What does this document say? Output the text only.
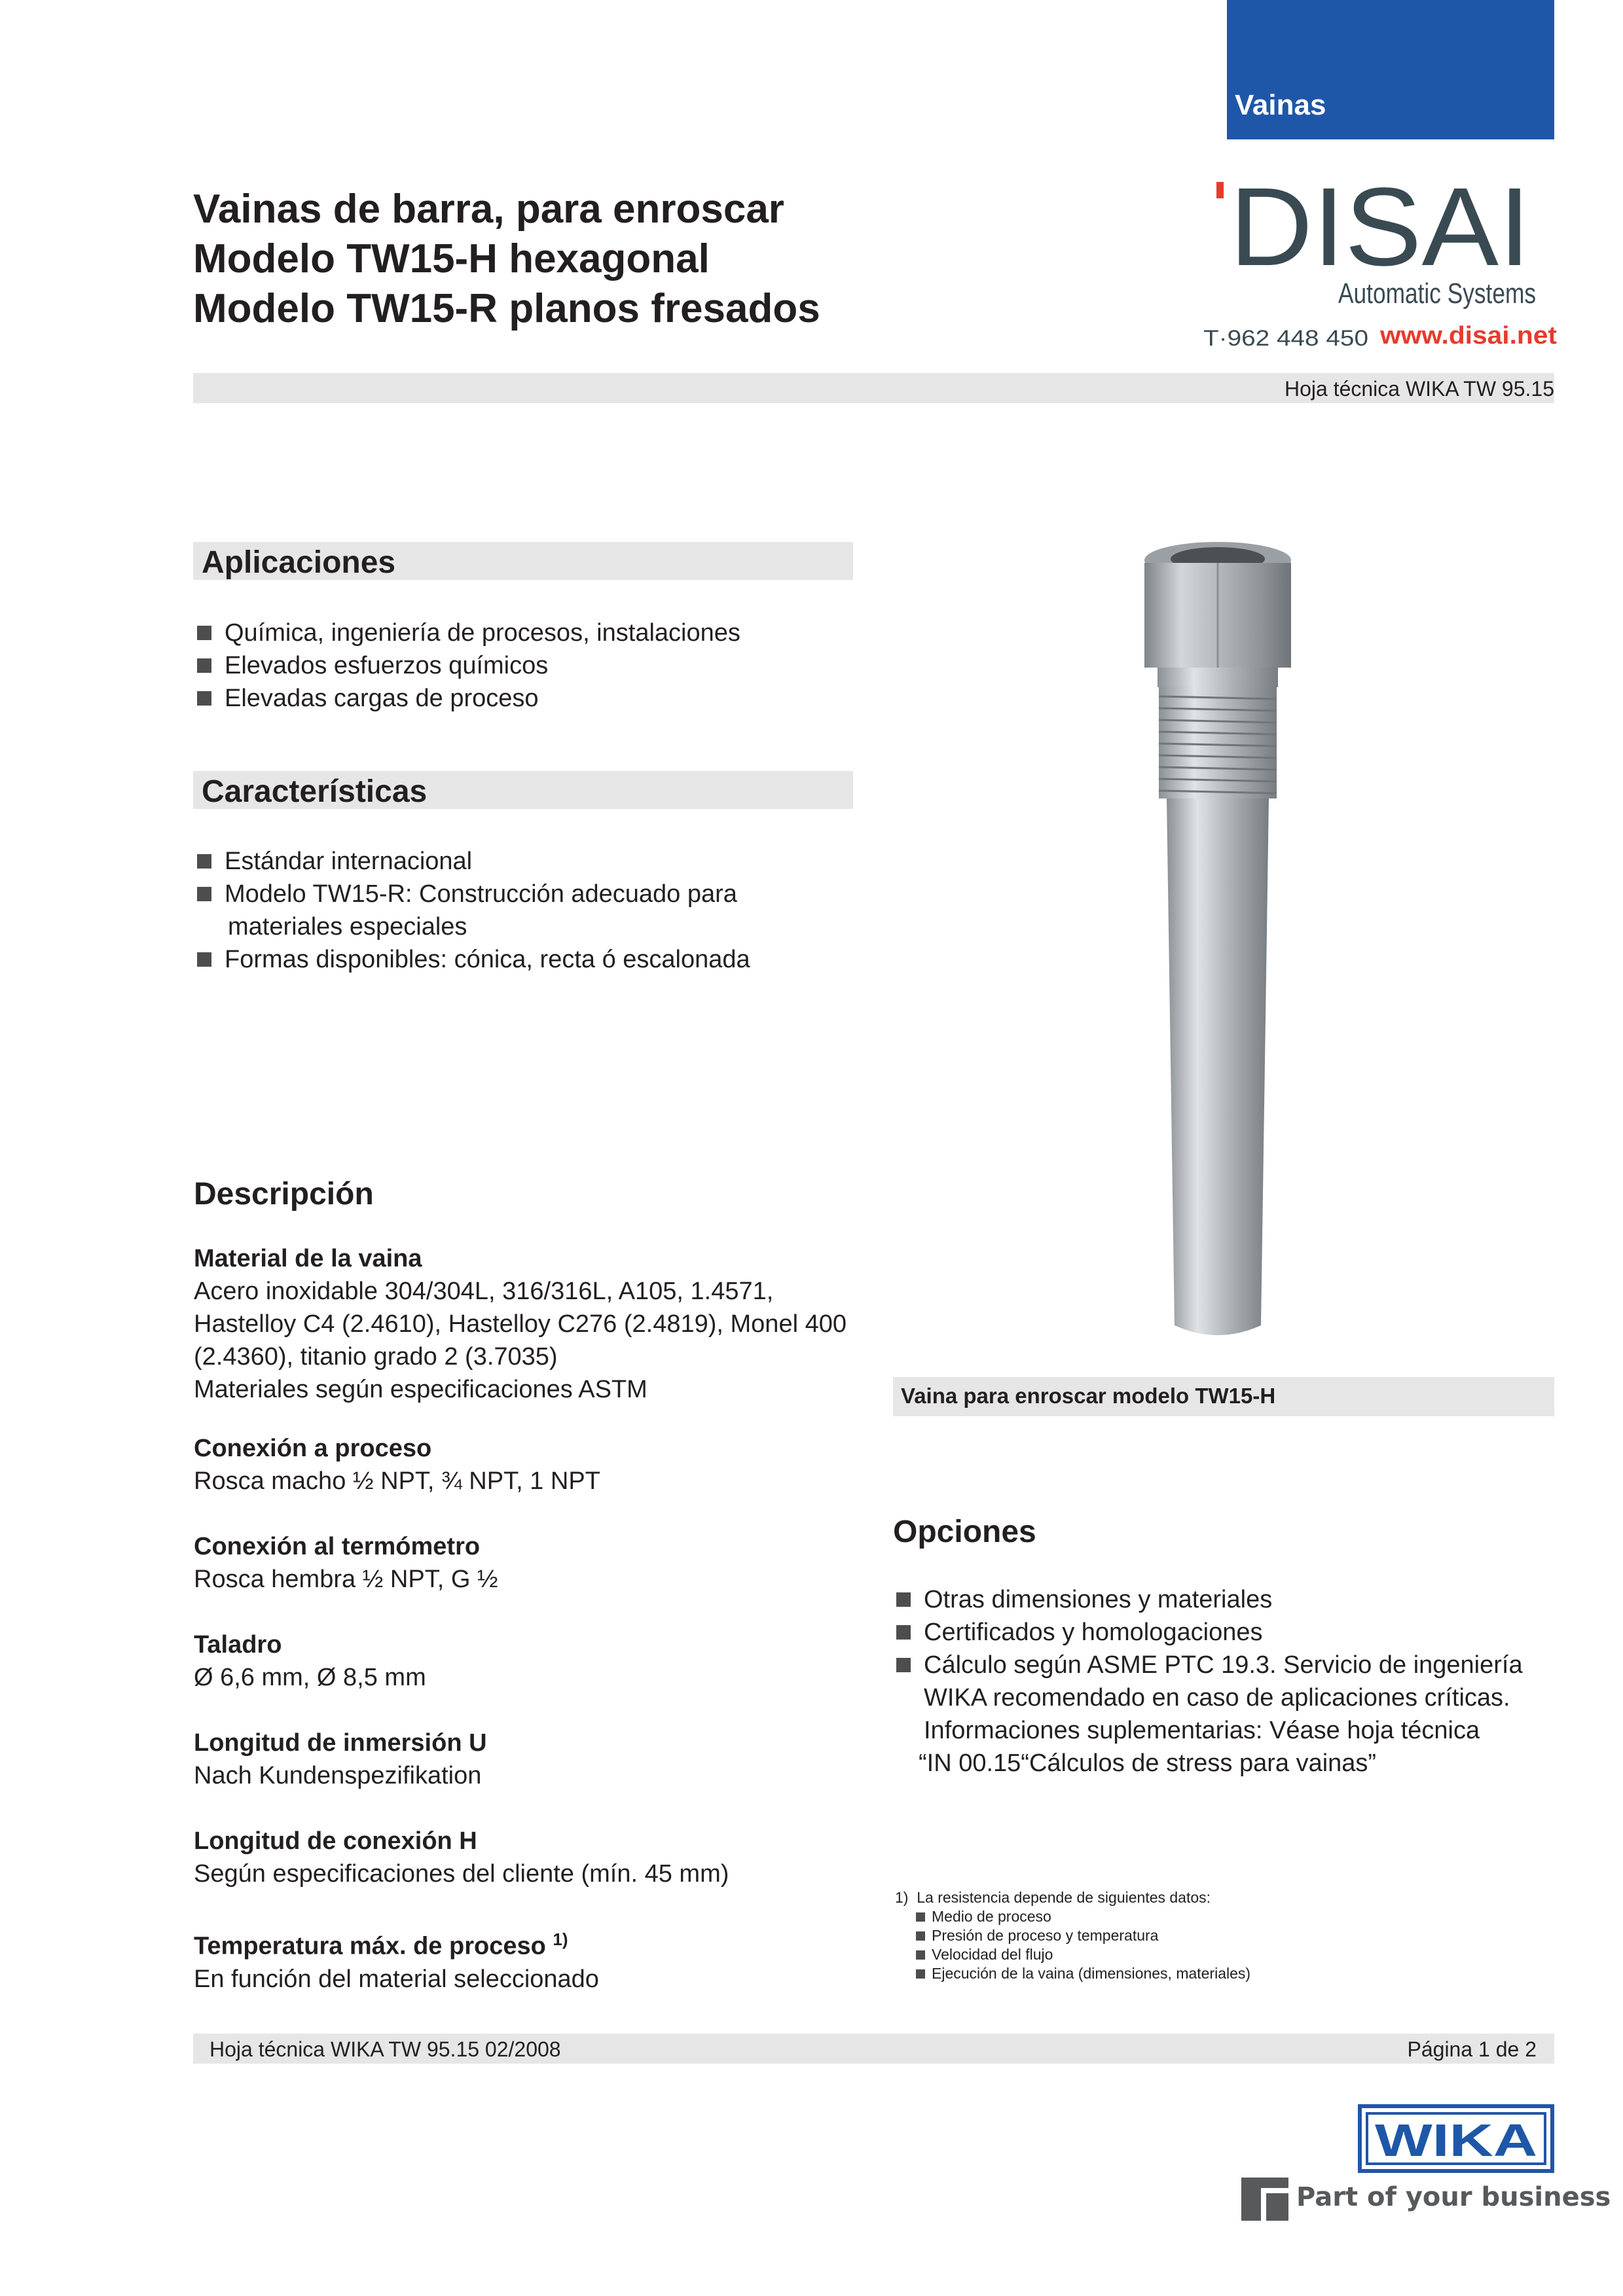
Vainas
Vainas de barra, para enroscar
Modelo TW15-H hexagonal
Modelo TW15-R planos fresados
DISAI
Automatic Systems
T·962 448 450 www.disai.net
Hoja técnica WIKA TW 95.15
Aplicaciones
Química, ingeniería de procesos, instalaciones
Elevados esfuerzos químicos
Elevadas cargas de proceso
Características
Estándar internacional
Modelo TW15-R: Construcción adecuado para
materiales especiales
Formas disponibles: cónica, recta ó escalonada
Descripción
Material de la vaina
Acero inoxidable 304/304L, 316/316L, A105, 1.4571,
Hastelloy C4 (2.4610), Hastelloy C276 (2.4819), Monel 400
(2.4360), titanio grado 2 (3.7035)
Materiales según especificaciones ASTM
Conexión a proceso
Rosca macho ½ NPT, ¾ NPT, 1 NPT
Conexión al termómetro
Rosca hembra ½ NPT, G ½
Taladro
Ø 6,6 mm, Ø 8,5 mm
Longitud de inmersión U
Nach Kundenspezifikation
Longitud de conexión H
Según especificaciones del cliente (mín. 45 mm)
Temperatura máx. de proceso $^{1)}$
En función del material seleccionado
Vaina para enroscar modelo TW15-H
Opciones
Otras dimensiones y materiales
Certificados y homologaciones
Cálculo según ASME PTC 19.3. Servicio de ingeniería
WIKA recomendado en caso de aplicaciones críticas.
Informaciones suplementarias: Véase hoja técnica
“IN 00.15“Cálculos de stress para vainas”
1) La resistencia depende de siguientes datos:
Medio de proceso
Presión de proceso y temperatura
Velocidad del flujo
Ejecución de la vaina (dimensiones, materiales)
Hoja técnica WIKA TW 95.15 02/2008	Página 1 de 2
WIKA
Part of your business
